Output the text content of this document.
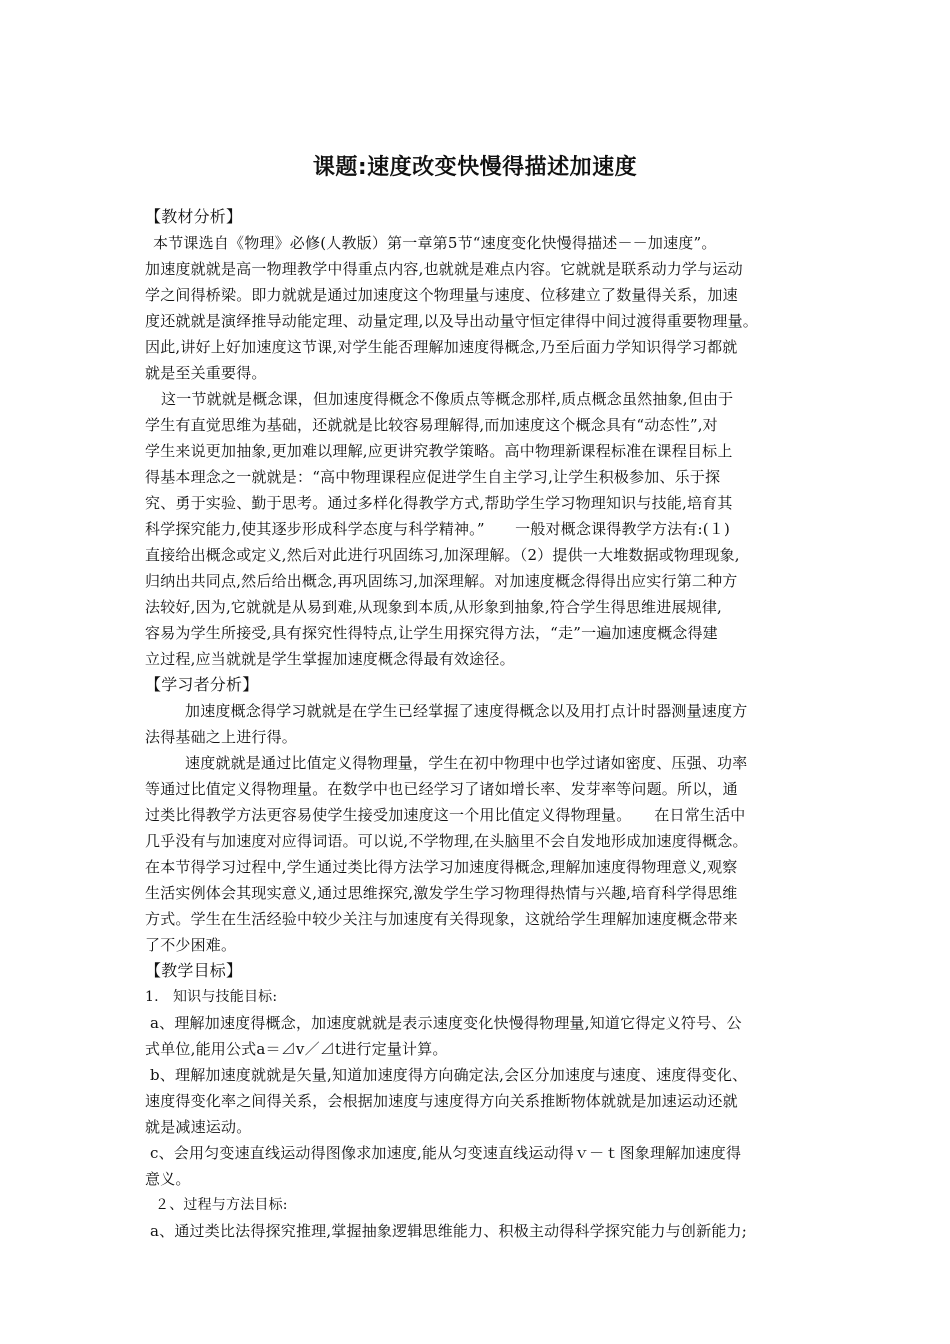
课题:速度改变快慢得描述加速度
【教材分析】
本节课选自《物理》必修(人教版）第一章第5节“速度变化快慢得描述－－加速度”。
加速度就就是高一物理教学中得重点内容,也就就是难点内容。它就就是联系动力学与运动
学之间得桥梁。即力就就是通过加速度这个物理量与速度、位移建立了数量得关系，加速
度还就就是演绎推导动能定理、动量定理,以及导出动量守恒定律得中间过渡得重要物理量。
因此,讲好上好加速度这节课,对学生能否理解加速度得概念,乃至后面力学知识得学习都就
就是至关重要得。
这一节就就是概念课，但加速度得概念不像质点等概念那样,质点概念虽然抽象,但由于
学生有直觉思维为基础，还就就是比较容易理解得,而加速度这个概念具有“动态性”,对
学生来说更加抽象,更加难以理解,应更讲究教学策略。高中物理新课程标准在课程目标上
得基本理念之一就就是：“高中物理课程应促进学生自主学习,让学生积极参加、乐于探
究、勇于实验、勤于思考。通过多样化得教学方式,帮助学生学习物理知识与技能,培育其
科学探究能力,使其逐步形成科学态度与科学精神。”　　一般对概念课得教学方法有:(１)
直接给出概念或定义,然后对此进行巩固练习,加深理解。（2）提供一大堆数据或物理现象,
归纳出共同点,然后给出概念,再巩固练习,加深理解。对加速度概念得得出应实行第二种方
法较好,因为,它就就是从易到难,从现象到本质,从形象到抽象,符合学生得思维进展规律,
容易为学生所接受,具有探究性得特点,让学生用探究得方法，“走”一遍加速度概念得建
立过程,应当就就是学生掌握加速度概念得最有效途径。
【学习者分析】
加速度概念得学习就就是在学生已经掌握了速度得概念以及用打点计时器测量速度方
法得基础之上进行得。
速度就就是通过比值定义得物理量，学生在初中物理中也学过诸如密度、压强、功率
等通过比值定义得物理量。在数学中也已经学习了诸如增长率、发芽率等问题。所以，通
过类比得教学方法更容易使学生接受加速度这一个用比值定义得物理量。　　在日常生活中
几乎没有与加速度对应得词语。可以说,不学物理,在头脑里不会自发地形成加速度得概念。
在本节得学习过程中,学生通过类比得方法学习加速度得概念,理解加速度得物理意义,观察
生活实例体会其现实意义,通过思维探究,激发学生学习物理得热情与兴趣,培育科学得思维
方式。学生在生活经验中较少关注与加速度有关得现象，这就给学生理解加速度概念带来
了不少困难。
【教学目标】
1.　知识与技能目标:
a、理解加速度得概念，加速度就就是表示速度变化快慢得物理量,知道它得定义符号、公
式单位,能用公式a＝⊿v／⊿t进行定量计算。
b、理解加速度就就是矢量,知道加速度得方向确定法,会区分加速度与速度、速度得变化、
速度得变化率之间得关系，会根据加速度与速度得方向关系推断物体就就是加速运动还就
就是减速运动。
c、会用匀变速直线运动得图像求加速度,能从匀变速直线运动得ｖ－ｔ图象理解加速度得
意义。
２、过程与方法目标:
a、通过类比法得探究推理,掌握抽象逻辑思维能力、积极主动得科学探究能力与创新能力;
